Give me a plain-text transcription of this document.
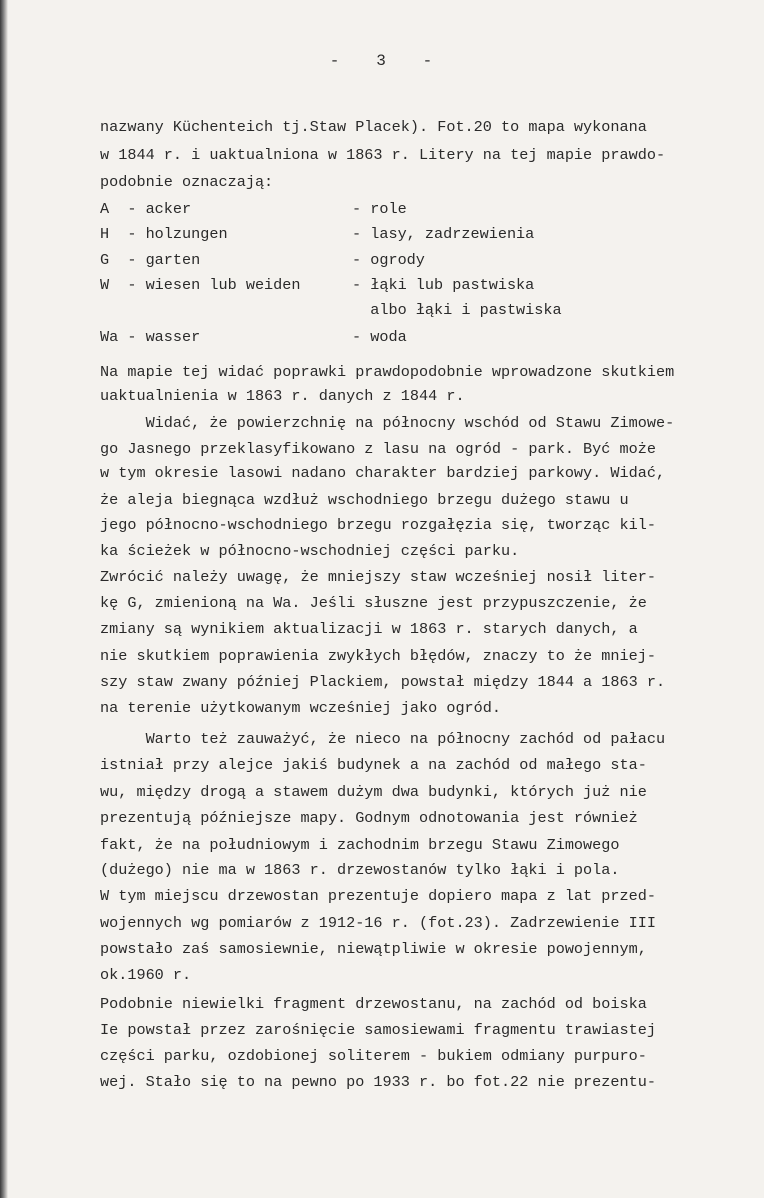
-   3   -
nazwany Küchenteich tj.Staw Placek). Fot.20 to mapa wykonana
w 1844 r. i uaktualniona w 1863 r. Litery na tej mapie prawdo-
podobnie oznaczają:
A  - acker	- role
H  - holzungen	- lasy, zadrzewienia
G  - garten	- ogrody
W  - wiesen lub weiden	- łąki lub pastwiska
albo łąki i pastwiska
Wa - wasser	- woda
Na mapie tej widać poprawki prawdopodobnie wprowadzone skutkiem
uaktualnienia w 1863 r. danych z 1844 r.
Widać, że powierzchnię na północny wschód od Stawu Zimowe-
go Jasnego przeklasyfikowano z lasu na ogród - park. Być może
w tym okresie lasowi nadano charakter bardziej parkowy. Widać,
że aleja biegnąca wzdłuż wschodniego brzegu dużego stawu u
jego północno-wschodniego brzegu rozgałęzia się, tworząc kil-
ka ścieżek w północno-wschodniej części parku.
Zwrócić należy uwagę, że mniejszy staw wcześniej nosił liter-
kę G, zmienioną na Wa. Jeśli słuszne jest przypuszczenie, że
zmiany są wynikiem aktualizacji w 1863 r. starych danych, a
nie skutkiem poprawienia zwykłych błędów, znaczy to że mniej-
szy staw zwany później Plackiem, powstał między 1844 a 1863 r.
na terenie użytkowanym wcześniej jako ogród.
Warto też zauważyć, że nieco na północny zachód od pałacu
istniał przy alejce jakiś budynek a na zachód od małego sta-
wu, między drogą a stawem dużym dwa budynki, których już nie
prezentują późniejsze mapy. Godnym odnotowania jest również
fakt, że na południowym i zachodnim brzegu Stawu Zimowego
(dużego) nie ma w 1863 r. drzewostanów tylko łąki i pola.
W tym miejscu drzewostan prezentuje dopiero mapa z lat przed-
wojennych wg pomiarów z 1912-16 r. (fot.23). Zadrzewienie III
powstało zaś samosiewnie, niewątpliwie w okresie powojennym,
ok.1960 r.
Podobnie niewielki fragment drzewostanu, na zachód od boiska
Ie powstał przez zarośnięcie samosiewami fragmentu trawiastej
części parku, ozdobionej soliterem - bukiem odmiany purpuro-
wej. Stało się to na pewno po 1933 r. bo fot.22 nie prezentu-
